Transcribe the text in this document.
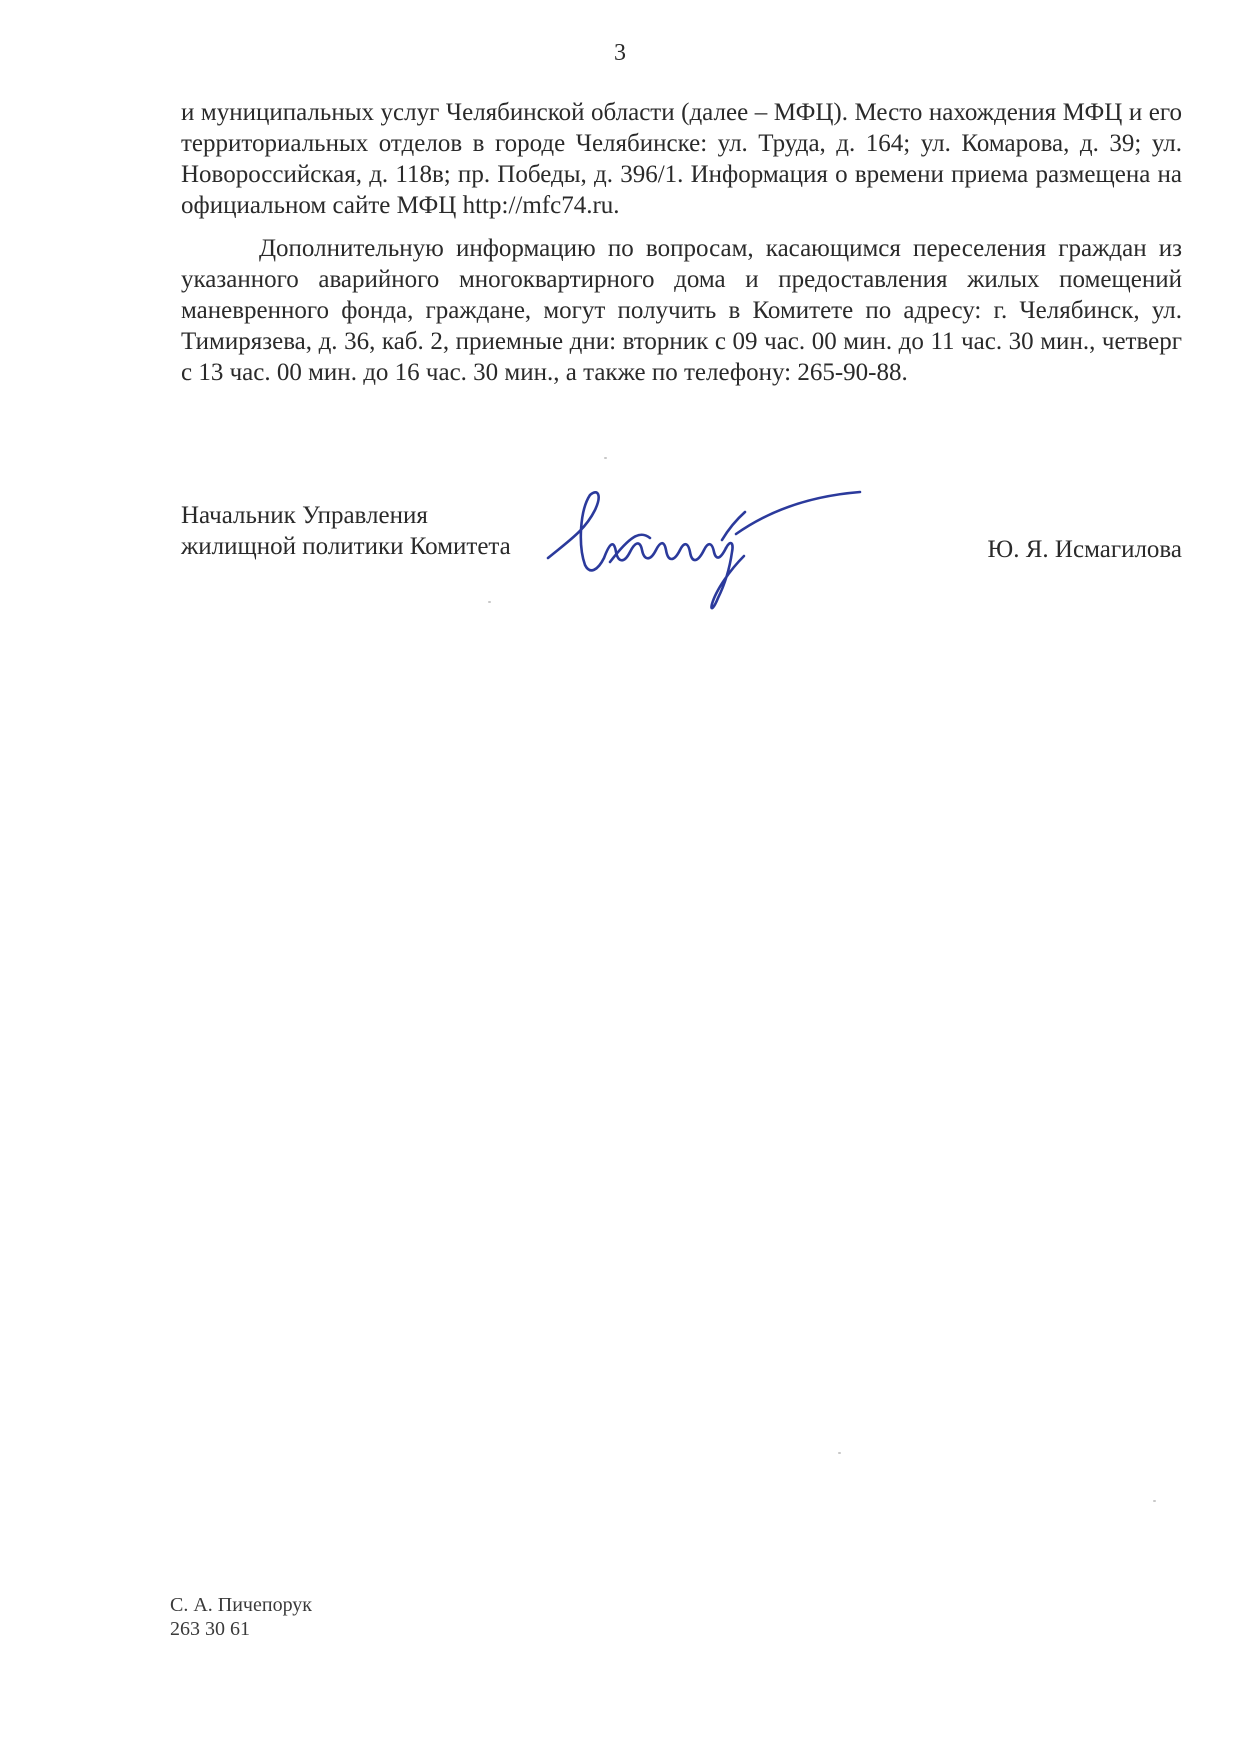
3

и муниципальных услуг Челябинской области (далее – МФЦ). Место нахождения МФЦ и его территориальных отделов в городе Челябинске: ул. Труда, д. 164; ул. Комарова, д. 39; ул. Новороссийская, д. 118в; пр. Победы, д. 396/1. Информация о времени приема размещена на официальном сайте МФЦ http://mfc74.ru.

Дополнительную информацию по вопросам, касающимся переселения граждан из указанного аварийного многоквартирного дома и предоставления жилых помещений маневренного фонда, граждане, могут получить в Комитете по адресу: г. Челябинск, ул. Тимирязева, д. 36, каб. 2, приемные дни: вторник с 09 час. 00 мин. до 11 час. 30 мин., четверг с 13 час. 00 мин. до 16 час. 30 мин., а также по телефону: 265-90-88.

Начальник Управления
жилищной политики Комитета	Ю. Я. Исмагилова
С. А. Пичепорук
263 30 61
